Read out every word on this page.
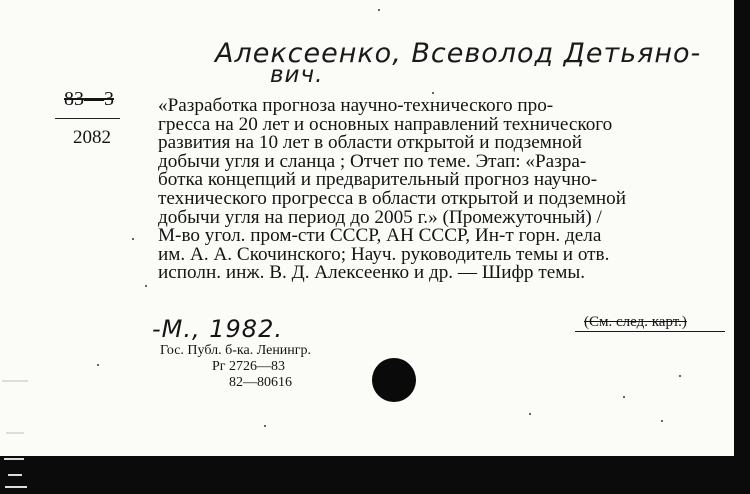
Алексеенко, Всеволод Детьяно-
вич.
83—3
2082
«Разработка прогноза научно-технического про-
гресса на 20 лет и основных направлений технического
развития на 10 лет в области открытой и подземной
добычи угля и сланца ; Отчет по теме. Этап: «Разра-
ботка концепций и предварительный прогноз научно-
технического прогресса в области открытой и подземной
добычи угля на период до 2005 г.» (Промежуточный) /
М-во угол. пром-сти СССР, АН СССР, Ин-т горн. дела
им. А. А. Скочинского; Науч. руководитель темы и отв.
исполн. инж. В. Д. Алексеенко и др. — Шифр темы.
(См. след. карт.)
-М., 1982.
Гос. Публ. б-ка. Ленингр.
Рг 2726—83
82—80616
